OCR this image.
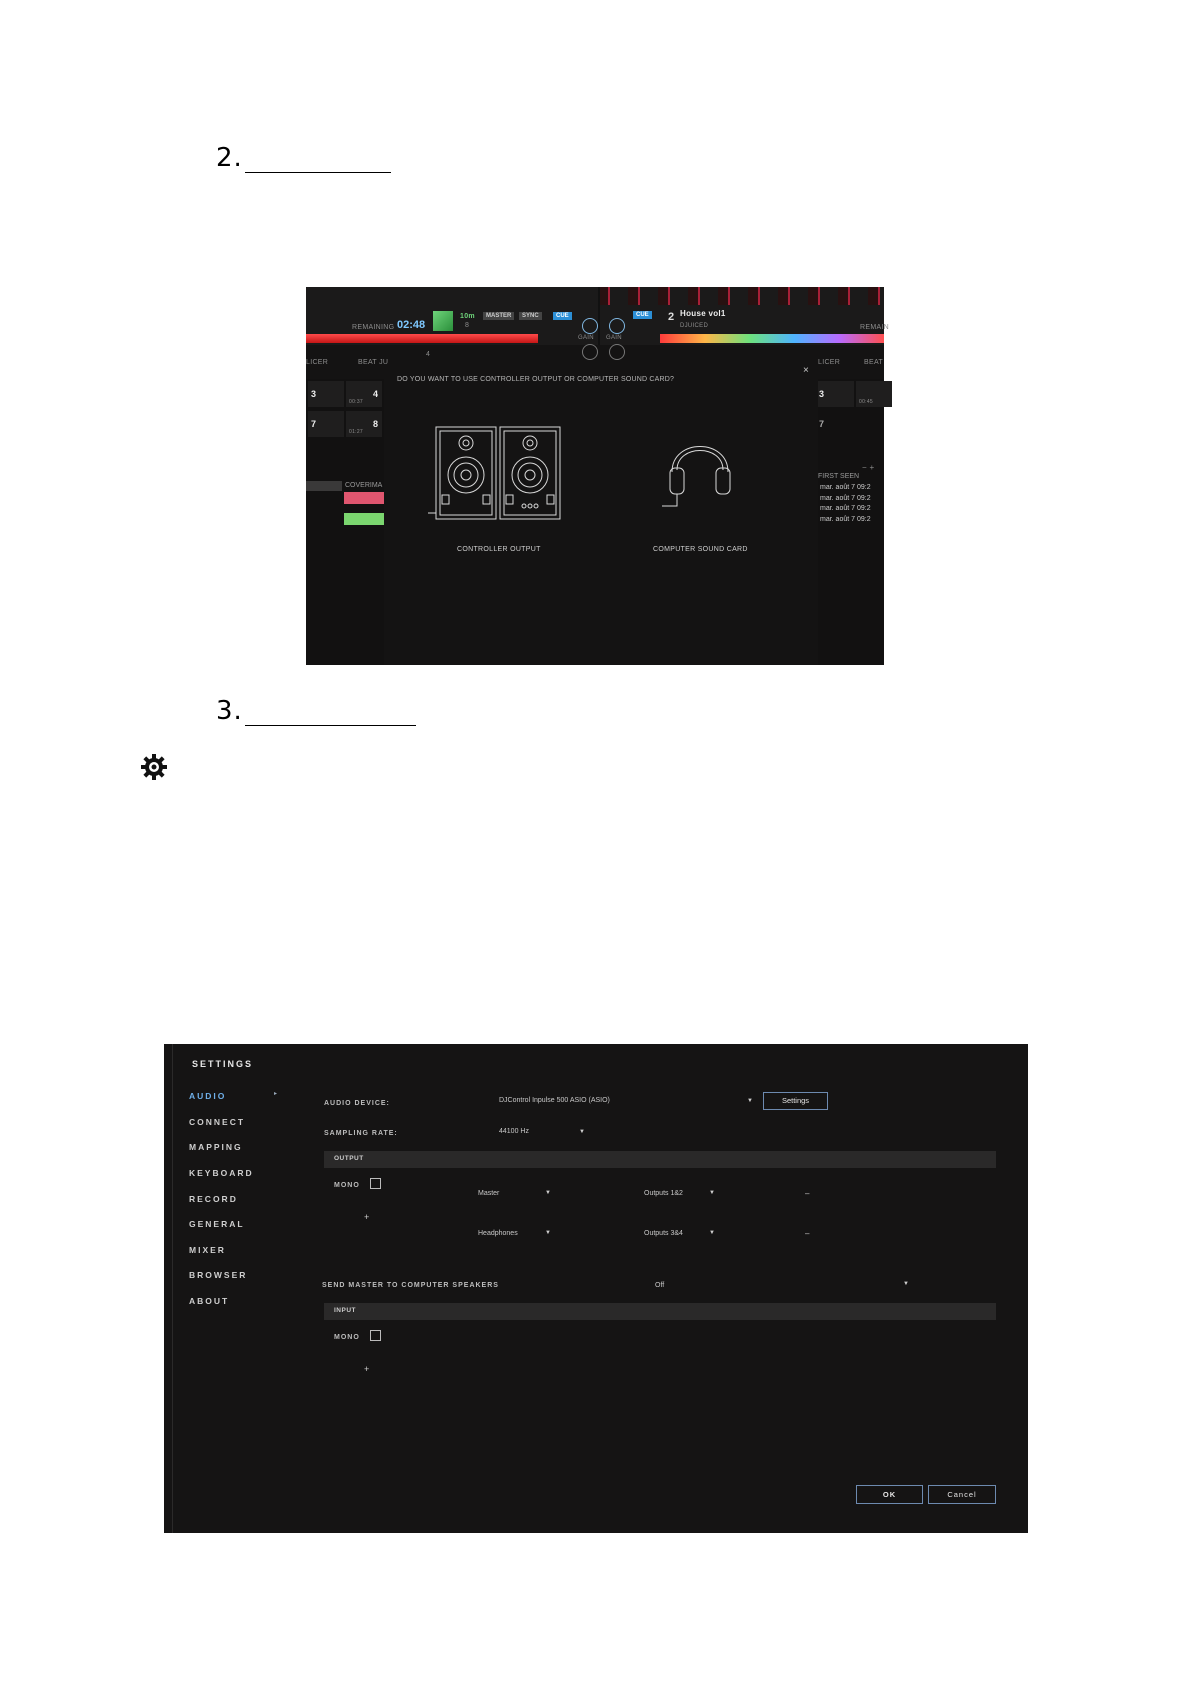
2.
REMAINING 02:48
10m
8
MASTER	SYNC	CUE
GAIN GAIN
CUE 2 House vol1
DJUICED	REMAIN
LICER	BEAT JU
4
LICER	BEAT
3	4
00:37
7	8
01:27
COVERIMA
3
00:45
7
− +
FIRST SEEN
mar. août 7 09:2
mar. août 7 09:2
mar. août 7 09:2
mar. août 7 09:2
DO YOU WANT TO USE CONTROLLER OUTPUT OR COMPUTER SOUND CARD?
×
CONTROLLER OUTPUT	COMPUTER SOUND CARD
3.
SETTINGS
AUDIO	▸
CONNECT
MAPPING
KEYBOARD
RECORD
GENERAL
MIXER
BROWSER
ABOUT
AUDIO DEVICE:	DJControl Inpulse 500 ASIO (ASIO)	▼	Settings
SAMPLING RATE:	44100 Hz	▼
OUTPUT
MONO
Master	▼	Outputs 1&2	▼	–
+
Headphones	▼	Outputs 3&4	▼	–
SEND MASTER TO COMPUTER SPEAKERS	Off	▼
INPUT
MONO
+
OK	Cancel
